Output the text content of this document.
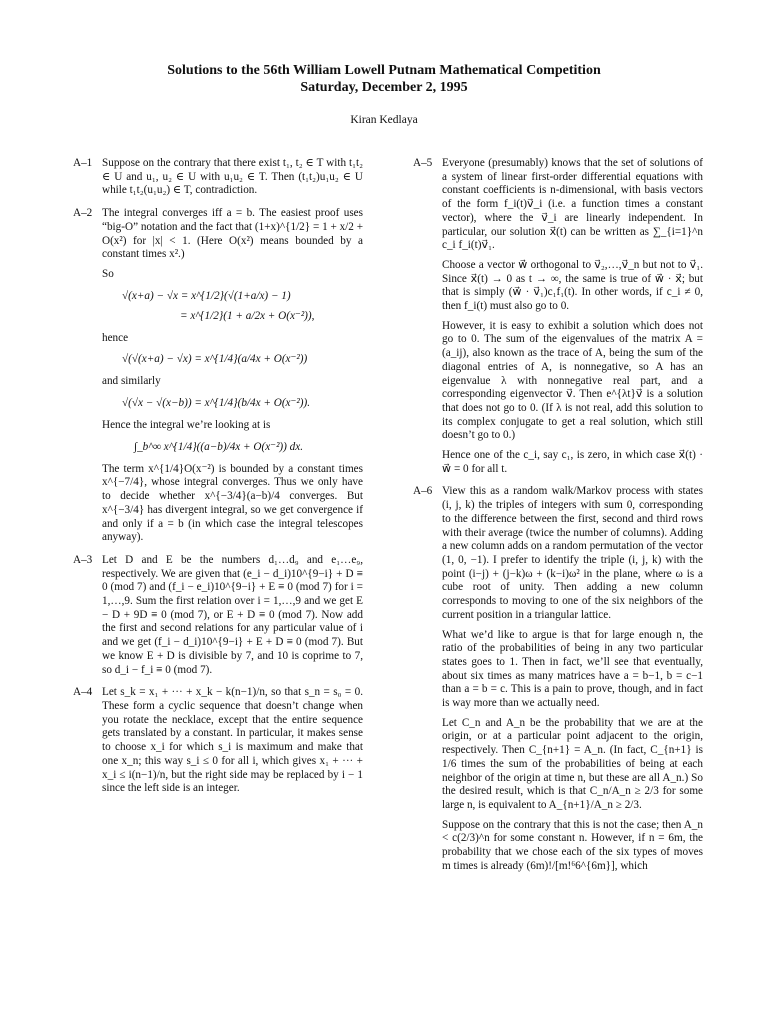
Solutions to the 56th William Lowell Putnam Mathematical Competition

Saturday, December 2, 1995

Kiran Kedlaya
A–1 Suppose on the contrary that there exist t₁, t₂ ∈ T with t₁t₂ ∈ U and u₁, u₂ ∈ U with u₁u₂ ∈ T. Then (t₁t₂)u₁u₂ ∈ U while t₁t₂(u₁u₂) ∈ T, contradiction.

A–2 The integral converges iff a = b. The easiest proof uses “big-O” notation and the fact that (1+x)^{1/2} = 1 + x/2 + O(x²) for |x| < 1. (Here O(x²) means bounded by a constant times x².)

So

√(x+a) − √x = x^{1/2}(√(1+a/x) − 1)
= x^{1/2}(1 + a/2x + O(x⁻²)),

hence

√(√(x+a) − √x) = x^{1/4}(a/4x + O(x⁻²))

and similarly

√(√x − √(x−b)) = x^{1/4}(b/4x + O(x⁻²)).

Hence the integral we’re looking at is

∫_b^∞ x^{1/4}((a−b)/4x + O(x⁻²)) dx.

The term x^{1/4}O(x⁻²) is bounded by a constant times x^{−7/4}, whose integral converges. Thus we only have to decide whether x^{−3/4}(a−b)/4 converges. But x^{−3/4} has divergent integral, so we get convergence if and only if a = b (in which case the integral telescopes anyway).

A–3 Let D and E be the numbers d₁…d₉ and e₁…e₉, respectively. We are given that (e_i − d_i)10^{9−i} + D ≡ 0 (mod 7) and (f_i − e_i)10^{9−i} + E ≡ 0 (mod 7) for i = 1,…,9. Sum the first relation over i = 1,…,9 and we get E − D + 9D ≡ 0 (mod 7), or E + D ≡ 0 (mod 7). Now add the first and second relations for any particular value of i and we get (f_i − d_i)10^{9−i} + E + D ≡ 0 (mod 7). But we know E + D is divisible by 7, and 10 is coprime to 7, so d_i − f_i ≡ 0 (mod 7).

A–4 Let s_k = x₁ + ··· + x_k − k(n−1)/n, so that s_n = s₀ = 0. These form a cyclic sequence that doesn’t change when you rotate the necklace, except that the entire sequence gets translated by a constant. In particular, it makes sense to choose x_i for which s_i is maximum and make that one x_n; this way s_i ≤ 0 for all i, which gives x₁ + ··· + x_i ≤ i(n−1)/n, but the right side may be replaced by i − 1 since the left side is an integer.

A–5 Everyone (presumably) knows that the set of solutions of a system of linear first-order differential equations with constant coefficients is n-dimensional, with basis vectors of the form f_i(t)v⃗_i (i.e. a function times a constant vector), where the v⃗_i are linearly independent. In particular, our solution x⃗(t) can be written as ∑_{i=1}^n c_i f_i(t)v⃗₁.

Choose a vector w⃗ orthogonal to v⃗₂,…,v⃗_n but not to v⃗₁. Since x⃗(t) → 0 as t → ∞, the same is true of w⃗ · x⃗; but that is simply (w⃗ · v⃗₁)c₁f₁(t). In other words, if c_i ≠ 0, then f_i(t) must also go to 0.

However, it is easy to exhibit a solution which does not go to 0. The sum of the eigenvalues of the matrix A = (a_ij), also known as the trace of A, being the sum of the diagonal entries of A, is nonnegative, so A has an eigenvalue λ with nonnegative real part, and a corresponding eigenvector v⃗. Then e^{λt}v⃗ is a solution that does not go to 0. (If λ is not real, add this solution to its complex conjugate to get a real solution, which still doesn’t go to 0.)

Hence one of the c_i, say c₁, is zero, in which case x⃗(t) · w⃗ = 0 for all t.

A–6 View this as a random walk/Markov process with states (i, j, k) the triples of integers with sum 0, corresponding to the difference between the first, second and third rows with their average (twice the number of columns). Adding a new column adds on a random permutation of the vector (1, 0, −1). I prefer to identify the triple (i, j, k) with the point (i−j) + (j−k)ω + (k−i)ω² in the plane, where ω is a cube root of unity. Then adding a new column corresponds to moving to one of the six neighbors of the current position in a triangular lattice.

What we’d like to argue is that for large enough n, the ratio of the probabilities of being in any two particular states goes to 1. Then in fact, we’ll see that eventually, about six times as many matrices have a = b−1, b = c−1 than a = b = c. This is a pain to prove, though, and in fact is way more than we actually need.

Let C_n and A_n be the probability that we are at the origin, or at a particular point adjacent to the origin, respectively. Then C_{n+1} = A_n. (In fact, C_{n+1} is 1/6 times the sum of the probabilities of being at each neighbor of the origin at time n, but these are all A_n.) So the desired result, which is that C_n/A_n ≥ 2/3 for some large n, is equivalent to A_{n+1}/A_n ≥ 2/3.

Suppose on the contrary that this is not the case; then A_n < c(2/3)^n for some constant n. However, if n = 6m, the probability that we chose each of the six types of moves m times is already (6m)!/[m!⁶6^{6m}], which
